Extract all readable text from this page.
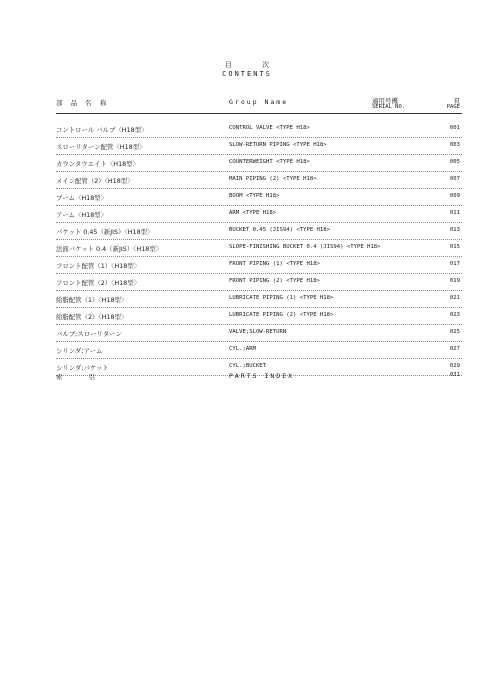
目 次
CONTENTS
部 品 名 称	Group Name	適用号機
SERIAL NO.
頁
PAGE
コントロール バルブ〈H18型〉	CONTROL VALVE <TYPE H18>	001
スローリターン配管〈H18型〉	SLOW-RETURN PIPING <TYPE H18>	003
カウンタウエイト〈H18型〉	COUNTERWEIGHT <TYPE H18>	005
メイン配管（2）〈H18型〉	MAIN PIPING (2) <TYPE H18>	007
ブーム〈H18型〉	BOOM <TYPE H18>	009
アーム〈H18型〉	ARM <TYPE H18>	011
バケット 0.45（新JIS）〈H18型〉	BUCKET 0.45 (JIS94) <TYPE H18>	013
法面バケット 0.4（新JIS）〈H18型〉	SLOPE-FINISHING BUCKET 0.4 (JIS94) <TYPE H18>	015
フロント配管（1）〈H18型〉	FRONT PIPING (1) <TYPE H18>	017
フロント配管（2）〈H18型〉	FRONT PIPING (2) <TYPE H18>	019
給脂配管（1）〈H18型〉	LUBRICATE PIPING (1) <TYPE H18>	021
給脂配管（2）〈H18型〉	LUBRICATE PIPING (2) <TYPE H18>	023
バルブ;スローリターン	VALVE;SLOW-RETURN	025
シリンダ;アーム	CYL.;ARM	027
シリンダ;バケット	CYL.;BUCKET	029
索 引	PARTS INDEX	031
